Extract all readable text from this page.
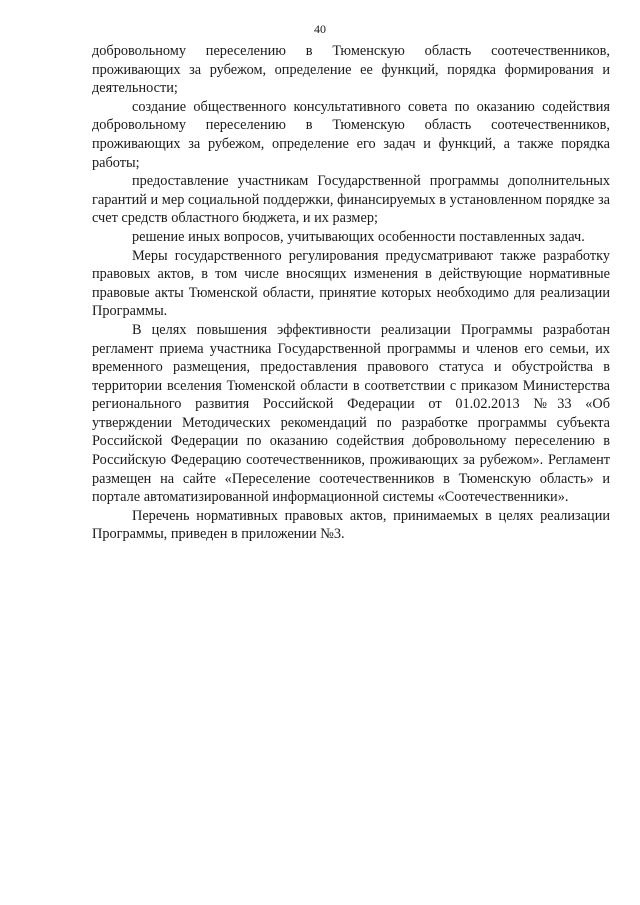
40

добровольному переселению в Тюменскую область соотечественников, проживающих за рубежом, определение ее функций, порядка формирования и деятельности;

создание общественного консультативного совета по оказанию содействия добровольному переселению в Тюменскую область соотечественников, проживающих за рубежом, определение его задач и функций, а также порядка работы;

предоставление участникам Государственной программы дополнительных гарантий и мер социальной поддержки, финансируемых в установленном порядке за счет средств областного бюджета, и их размер;

решение иных вопросов, учитывающих особенности поставленных задач.

Меры государственного регулирования предусматривают также разработку правовых актов, в том числе вносящих изменения в действующие нормативные правовые акты Тюменской области, принятие которых необходимо для реализации Программы.

В целях повышения эффективности реализации Программы разработан регламент приема участника Государственной программы и членов его семьи, их временного размещения, предоставления правового статуса и обустройства в территории вселения Тюменской области в соответствии с приказом Министерства регионального развития Российской Федерации от 01.02.2013 №33 «Об утверждении Методических рекомендаций по разработке программы субъекта Российской Федерации по оказанию содействия добровольному переселению в Российскую Федерацию соотечественников, проживающих за рубежом». Регламент размещен на сайте «Переселение соотечественников в Тюменскую область» и портале автоматизированной информационной системы «Соотечественники».

Перечень нормативных правовых актов, принимаемых в целях реализации Программы, приведен в приложении №3.
